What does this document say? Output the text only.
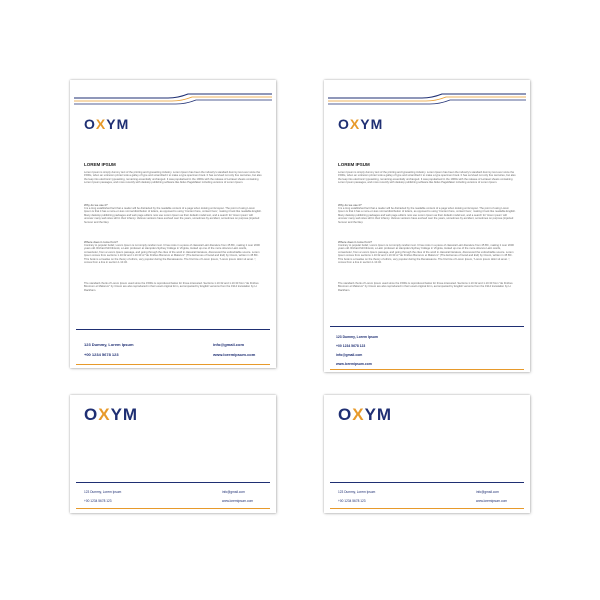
OXYM
LOREM IPSUM
Lorem Ipsum is simply dummy text of the printing and typesetting industry. Lorem Ipsum has been the industry's standard dummy text ever since the 1500s, when an unknown printer took a galley of type and scrambled it to make a type specimen book. It has survived not only five centuries, but also the leap into electronic typesetting, remaining essentially unchanged. It was popularised in the 1960s with the release of Letraset sheets containing Lorem Ipsum passages, and more recently with desktop publishing software like Aldus PageMaker including versions of Lorem Ipsum.
Why do we use it?
It is a long established fact that a reader will be distracted by the readable content of a page when looking at its layout. The point of using Lorem Ipsum is that it has a more-or-less normal distribution of letters, as opposed to using 'Content here, content here', making it look like readable English. Many desktop publishing packages and web page editors now use Lorem Ipsum as their default model text, and a search for 'lorem ipsum' will uncover many web sites still in their infancy. Various versions have evolved over the years, sometimes by accident, sometimes on purpose (injected humour and the like).
Where does it come from?
Contrary to popular belief, Lorem Ipsum is not simply random text. It has roots in a piece of classical Latin literature from 45 BC, making it over 2000 years old. Richard McClintock, a Latin professor at Hampden-Sydney College in Virginia, looked up one of the more obscure Latin words, consectetur, from a Lorem Ipsum passage, and going through the cites of the word in classical literature, discovered the undoubtable source. Lorem Ipsum comes from sections 1.10.32 and 1.10.33 of "de Finibus Bonorum et Malorum" (The Extremes of Good and Evil) by Cicero, written in 45 BC. This book is a treatise on the theory of ethics, very popular during the Renaissance. The first line of Lorem Ipsum, "Lorem ipsum dolor sit amet..", comes from a line in section 1.10.32.
The standard chunk of Lorem Ipsum used since the 1500s is reproduced below for those interested. Sections 1.10.32 and 1.10.33 from "de Finibus Bonorum et Malorum" by Cicero are also reproduced in their exact original form, accompanied by English versions from the 1914 translation by H. Rackham.
123 Dummy, Lorem Ipsum
+00 1234 5678 123
info@gmail.com
www.loremipsum.com
OXYM
LOREM IPSUM
Lorem Ipsum is simply dummy text of the printing and typesetting industry. Lorem Ipsum has been the industry's standard dummy text ever since the 1500s, when an unknown printer took a galley of type and scrambled it to make a type specimen book. It has survived not only five centuries, but also the leap into electronic typesetting, remaining essentially unchanged. It was popularised in the 1960s with the release of Letraset sheets containing Lorem Ipsum passages, and more recently with desktop publishing software like Aldus PageMaker including versions of Lorem Ipsum.
Why do we use it?
It is a long established fact that a reader will be distracted by the readable content of a page when looking at its layout. The point of using Lorem Ipsum is that it has a more-or-less normal distribution of letters, as opposed to using 'Content here, content here', making it look like readable English. Many desktop publishing packages and web page editors now use Lorem Ipsum as their default model text, and a search for 'lorem ipsum' will uncover many web sites still in their infancy. Various versions have evolved over the years, sometimes by accident, sometimes on purpose (injected humour and the like).
Where does it come from?
Contrary to popular belief, Lorem Ipsum is not simply random text. It has roots in a piece of classical Latin literature from 45 BC, making it over 2000 years old. Richard McClintock, a Latin professor at Hampden-Sydney College in Virginia, looked up one of the more obscure Latin words, consectetur, from a Lorem Ipsum passage, and going through the cites of the word in classical literature, discovered the undoubtable source. Lorem Ipsum comes from sections 1.10.32 and 1.10.33 of "de Finibus Bonorum et Malorum" (The Extremes of Good and Evil) by Cicero, written in 45 BC. This book is a treatise on the theory of ethics, very popular during the Renaissance. The first line of Lorem Ipsum, "Lorem ipsum dolor sit amet..", comes from a line in section 1.10.32.
The standard chunk of Lorem Ipsum used since the 1500s is reproduced below for those interested. Sections 1.10.32 and 1.10.33 from "de Finibus Bonorum et Malorum" by Cicero are also reproduced in their exact original form, accompanied by English versions from the 1914 translation by H. Rackham.
123 Dummy, Lorem Ipsum
+00 1234 5678 123
info@gmail.com
www.loremipsum.com
OXYM
123 Dummy, Lorem Ipsum
+00 1234 5678 123
info@gmail.com
www.loremipsum.com
OXYM
123 Dummy, Lorem Ipsum
+00 1234 5678 123
info@gmail.com
www.loremipsum.com
